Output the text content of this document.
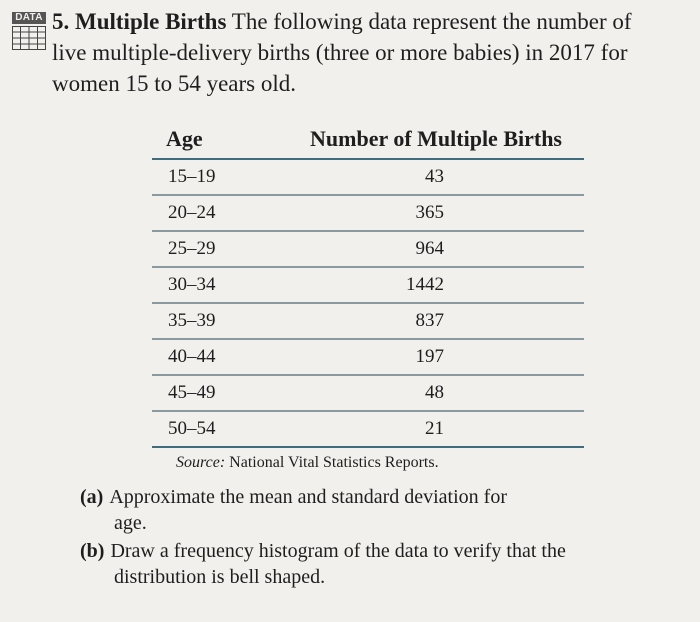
DATA 5. Multiple Births The following data represent the number of
live multiple-delivery births (three or more babies) in 2017 for
women 15 to 54 years old.
Age	Number of Multiple Births
15–19	43
20–24	365
25–29	964
30–34	1442
35–39	837
40–44	197
45–49	48
50–54	21
Source: National Vital Statistics Reports.
(a) Approximate the mean and standard deviation for
age.
(b) Draw a frequency histogram of the data to verify that the
distribution is bell shaped.
